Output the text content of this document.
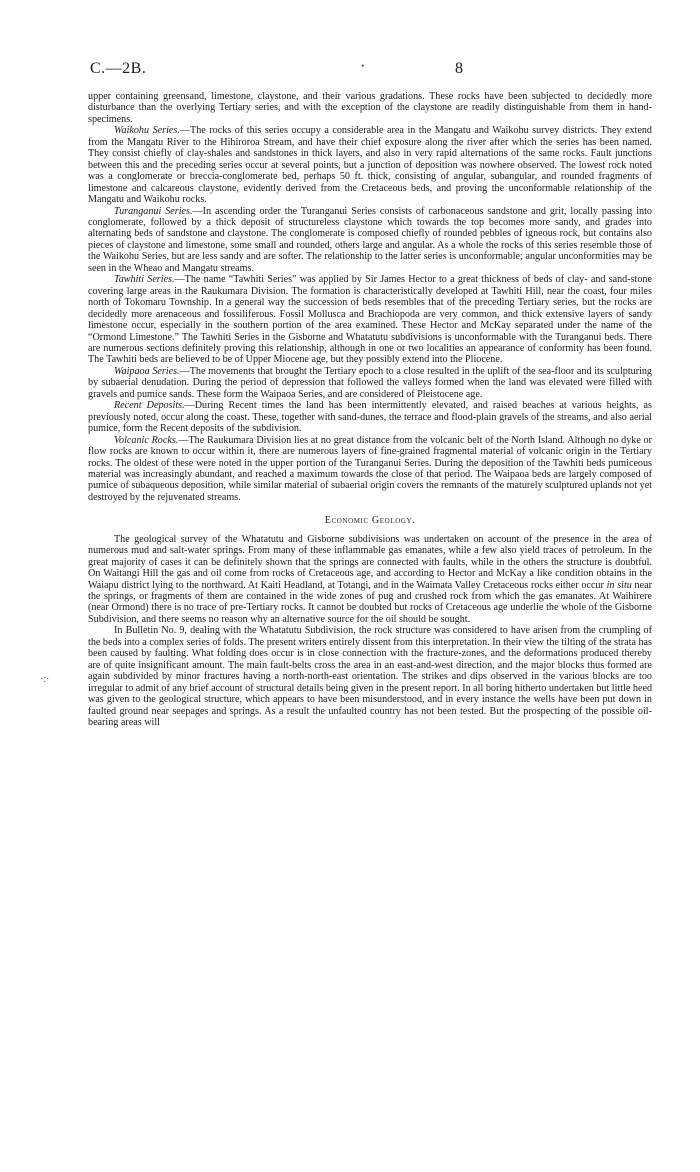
C.—2B.	·	8
·:·

upper containing greensand, limestone, claystone, and their various gradations. These rocks have been subjected to decidedly more disturbance than the overlying Tertiary series, and with the exception of the claystone are readily distinguishable from them in hand-specimens.

Waikohu Series.—The rocks of this series occupy a considerable area in the Mangatu and Waikohu survey districts. They extend from the Mangatu River to the Hihiroroa Stream, and have their chief exposure along the river after which the series has been named. They consist chiefly of clay-shales and sandstones in thick layers, and also in very rapid alternations of the same rocks. Fault junctions between this and the preceding series occur at several points, but a junction of deposition was nowhere observed. The lowest rock noted was a conglomerate or breccia-conglomerate bed, perhaps 50 ft. thick, consisting of angular, subangular, and rounded fragments of limestone and calcareous claystone, evidently derived from the Cretaceous beds, and proving the unconformable relationship of the Mangatu and Waikohu rocks.

Turanganui Series.—In ascending order the Turanganui Series consists of carbonaceous sandstone and grit, locally passing into conglomerate, followed by a thick deposit of structureless claystone which towards the top becomes more sandy, and grades into alternating beds of sandstone and claystone. The conglomerate is composed chiefly of rounded pebbles of igneous rock, but contains also pieces of claystone and limestone, some small and rounded, others large and angular. As a whole the rocks of this series resemble those of the Waikohu Series, but are less sandy and are softer. The relationship to the latter series is unconformable; angular unconformities may be seen in the Wheao and Mangatu streams.

Tawhiti Series.—The name “Tawhiti Series” was applied by Sir James Hector to a great thickness of beds of clay- and sand-stone covering large areas in the Raukumara Division. The formation is characteristically developed at Tawhiti Hill, near the coast, four miles north of Tokomaru Township. In a general way the succession of beds resembles that of the preceding Tertiary series, but the rocks are decidedly more arenaceous and fossiliferous. Fossil Mollusca and Brachiopoda are very common, and thick extensive layers of sandy limestone occur, especially in the southern portion of the area examined. These Hector and McKay separated under the name of the “Ormond Limestone.” The Tawhiti Series in the Gisborne and Whatatutu subdivisions is unconformable with the Turanganui beds. There are numerous sections definitely proving this relationship, although in one or two localities an appearance of conformity has been found. The Tawhiti beds are believed to be of Upper Miocene age, but they possibly extend into the Pliocene.

Waipaoa Series.—The movements that brought the Tertiary epoch to a close resulted in the uplift of the sea-floor and its sculpturing by subaerial denudation. During the period of depression that followed the valleys formed when the land was elevated were filled with gravels and pumice sands. These form the Waipaoa Series, and are considered of Pleistocene age.

Recent Deposits.—During Recent times the land has been intermittently elevated, and raised beaches at various heights, as previously noted, occur along the coast. These, together with sand-dunes, the terrace and flood-plain gravels of the streams, and also aerial pumice, form the Recent deposits of the subdivision.

Volcanic Rocks.—The Raukumara Division lies at no great distance from the volcanic belt of the North Island. Although no dyke or flow rocks are known to occur within it, there are numerous layers of fine-grained fragmental material of volcanic origin in the Tertiary rocks. The oldest of these were noted in the upper portion of the Turanganui Series. During the deposition of the Tawhiti beds pumiceous material was increasingly abundant, and reached a maximum towards the close of that period. The Waipaoa beds are largely composed of pumice of subaqueous deposition, while similar material of subaerial origin covers the remnants of the maturely sculptured uplands not yet destroyed by the rejuvenated streams.

Economic Geology.

The geological survey of the Whatatutu and Gisborne subdivisions was undertaken on account of the presence in the area of numerous mud and salt-water springs. From many of these inflammable gas emanates, while a few also yield traces of petroleum. In the great majority of cases it can be definitely shown that the springs are connected with faults, while in the others the structure is doubtful. On Waitangi Hill the gas and oil come from rocks of Cretaceous age, and according to Hector and McKay a like condition obtains in the Waiapu district lying to the northward. At Kaiti Headland, at Totangi, and in the Waimata Valley Cretaceous rocks either occur in situ near the springs, or fragments of them are contained in the wide zones of pug and crushed rock from which the gas emanates. At Waihirere (near Ormond) there is no trace of pre-Tertiary rocks. It cannot be doubted but rocks of Cretaceous age underlie the whole of the Gisborne Subdivision, and there seems no reason why an alternative source for the oil should be sought.

In Bulletin No. 9, dealing with the Whatatutu Subdivision, the rock structure was considered to have arisen from the crumpling of the beds into a complex series of folds. The present writers entirely dissent from this interpretation. In their view the tilting of the strata has been caused by faulting. What folding does occur is in close connection with the fracture-zones, and the deformations produced thereby are of quite insignificant amount. The main fault-belts cross the area in an east-and-west direction, and the major blocks thus formed are again subdivided by minor fractures having a north-north-east orientation. The strikes and dips observed in the various blocks are too irregular to admit of any brief account of structural details being given in the present report. In all boring hitherto undertaken but little heed was given to the geological structure, which appears to have been misunderstood, and in every instance the wells have been put down in faulted ground near seepages and springs. As a result the unfaulted country has not been tested. But the prospecting of the possible oil-bearing areas will
